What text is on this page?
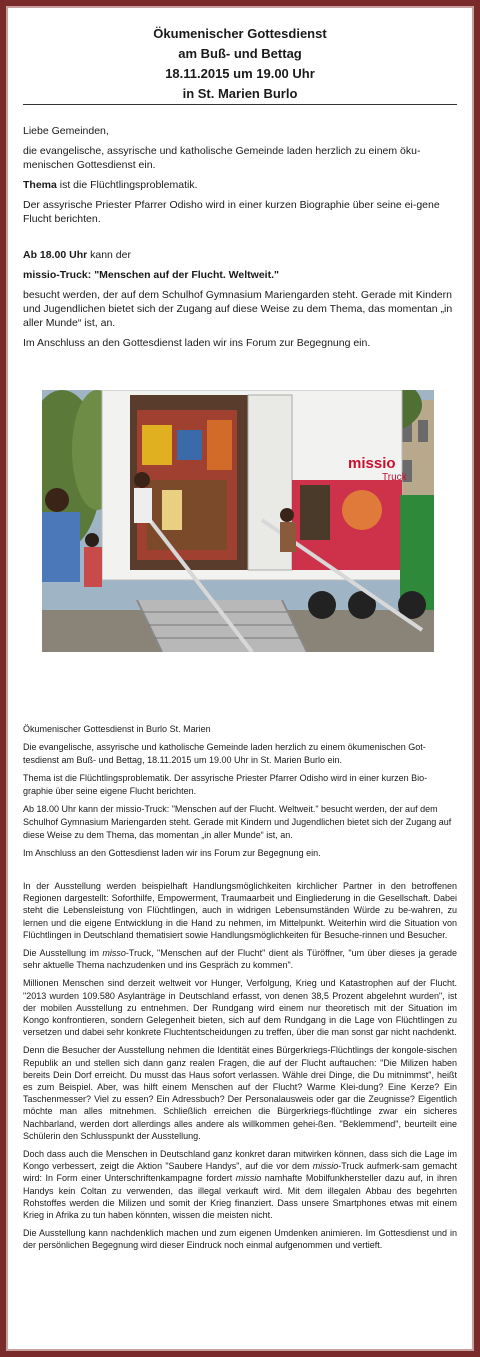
Ökumenischer Gottesdienst
am Buß- und Bettag
18.11.2015 um 19.00 Uhr
in St. Marien Burlo

Liebe Gemeinden,

die evangelische, assyrische und katholische Gemeinde laden herzlich zu einem öku-menischen Gottesdienst ein.

Thema ist die Flüchtlingsproblematik.

Der assyrische Priester Pfarrer Odisho wird in einer kurzen Biographie über seine ei-gene Flucht berichten.

Ab 18.00 Uhr kann der

missio-Truck: "Menschen auf der Flucht. Weltweit."

besucht werden, der auf dem Schulhof Gymnasium Mariengarden steht. Gerade mit Kindern und Jugendlichen bietet sich der Zugang auf diese Weise zu dem Thema, das momentan „in aller Munde“ ist, an.

Im Anschluss an den Gottesdienst laden wir ins Forum zur Begegnung ein.

missio
Truck

Ökumenischer Gottesdienst in Burlo St. Marien

Die evangelische, assyrische und katholische Gemeinde laden herzlich zu einem ökumenischen Got-tesdienst am Buß- und Bettag, 18.11.2015 um 19.00 Uhr in St. Marien Burlo ein.

Thema ist die Flüchtlingsproblematik. Der assyrische Priester Pfarrer Odisho wird in einer kurzen Bio-graphie über seine eigene Flucht berichten.

Ab 18.00 Uhr kann der missio-Truck: "Menschen auf der Flucht. Weltweit." besucht werden, der auf dem Schulhof Gymnasium Mariengarden steht. Gerade mit Kindern und Jugendlichen bietet sich der Zugang auf diese Weise zu dem Thema, das momentan „in aller Munde“ ist, an.

Im Anschluss an den Gottesdienst laden wir ins Forum zur Begegnung ein.

In der Ausstellung werden beispielhaft Handlungsmöglichkeiten kirchlicher Partner in den betroffenen Regionen dargestellt: Soforthilfe, Empowerment, Traumaarbeit und Eingliederung in die Gesellschaft. Dabei steht die Lebensleistung von Flüchtlingen, auch in widrigen Lebensumständen Würde zu be-wahren, zu lernen und die eigene Entwicklung in die Hand zu nehmen, im Mittelpunkt. Weiterhin wird die Situation von Flüchtlingen in Deutschland thematisiert sowie Handlungsmöglichkeiten für Besuche-rinnen und Besucher.

Die Ausstellung im misso-Truck, "Menschen auf der Flucht" dient als Türöffner, "um über dieses ja gerade sehr aktuelle Thema nachzudenken und ins Gespräch zu kommen".

Millionen Menschen sind derzeit weltweit vor Hunger, Verfolgung, Krieg und Katastrophen auf der Flucht. "2013 wurden 109.580 Asylanträge in Deutschland erfasst, von denen 38,5 Prozent abgelehnt wurden", ist der mobilen Ausstellung zu entnehmen. Der Rundgang wird einem nur theoretisch mit der Situation im Kongo konfrontieren, sondern Gelegenheit bieten, sich auf dem Rundgang in die Lage von Flüchtlingen zu versetzen und dabei sehr konkrete Fluchtentscheidungen zu treffen, über die man sonst gar nicht nachdenkt.

Denn die Besucher der Ausstellung nehmen die Identität eines Bürgerkriegs-Flüchtlings der kongole-sischen Republik an und stellen sich dann ganz realen Fragen, die auf der Flucht auftauchen: "Die Milizen haben bereits Dein Dorf erreicht. Du musst das Haus sofort verlassen. Wähle drei Dinge, die Du mitnimmst", heißt es zum Beispiel. Aber, was hilft einem Menschen auf der Flucht? Warme Klei-dung? Eine Kerze? Ein Taschenmesser? Viel zu essen? Ein Adressbuch? Der Personalausweis oder gar die Zeugnisse? Eigentlich möchte man alles mitnehmen. Schließlich erreichen die Bürgerkriegs-flüchtlinge zwar ein sicheres Nachbarland, werden dort allerdings alles andere als willkommen gehei-ßen. "Beklemmend", beurteilt eine Schülerin den Schlusspunkt der Ausstellung.

Doch dass auch die Menschen in Deutschland ganz konkret daran mitwirken können, dass sich die Lage im Kongo verbessert, zeigt die Aktion "Saubere Handys", auf die vor dem missio-Truck aufmerk-sam gemacht wird: In Form einer Unterschriftenkampagne fordert missio namhafte Mobilfunkhersteller dazu auf, in ihren Handys kein Coltan zu verwenden, das illegal verkauft wird. Mit dem illegalen Abbau des begehrten Rohstoffes werden die Milizen und somit der Krieg finanziert. Dass unsere Smartphones etwas mit einem Krieg in Afrika zu tun haben könnten, wissen die meisten nicht.

Die Ausstellung kann nachdenklich machen und zum eigenen Umdenken animieren. Im Gottesdienst und in der persönlichen Begegnung wird dieser Eindruck noch einmal aufgenommen und vertieft.
